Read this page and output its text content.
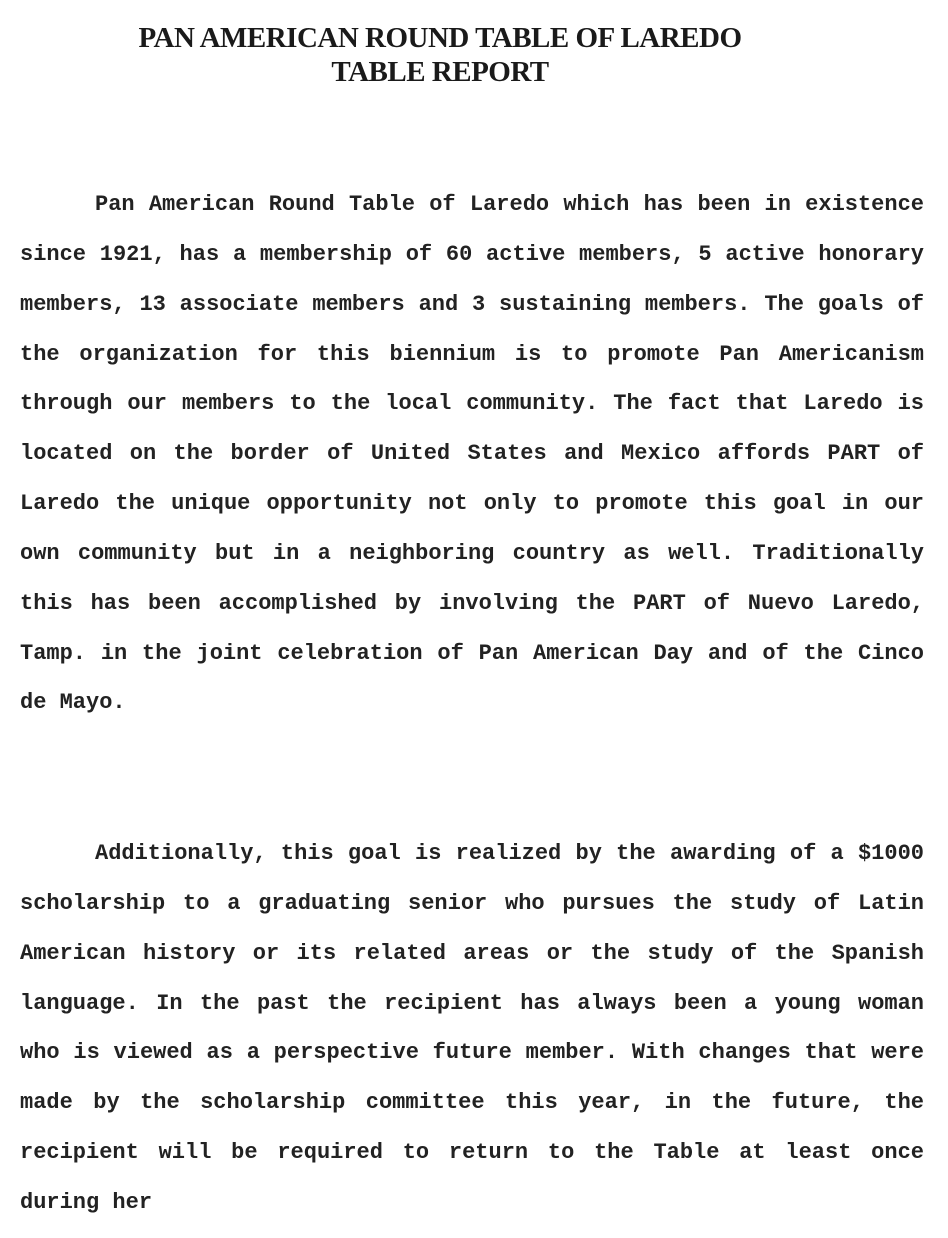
PAN AMERICAN ROUND TABLE OF LAREDO
TABLE REPORT

Pan American Round Table of Laredo which has been in existence since 1921, has a membership of 60 active members, 5 active honorary members, 13 associate members and 3 sustaining members. The goals of the organization for this biennium is to promote Pan Americanism through our members to the local community. The fact that Laredo is located on the border of United States and Mexico affords PART of Laredo the unique opportunity not only to promote this goal in our own community but in a neighboring country as well. Traditionally this has been accomplished by involving the PART of Nuevo Laredo, Tamp. in the joint celebration of Pan American Day and of the Cinco de Mayo.

Additionally, this goal is realized by the awarding of a $1000 scholarship to a graduating senior who pursues the study of Latin American history or its related areas or the study of the Spanish language. In the past the recipient has always been a young woman who is viewed as a perspective future member. With changes that were made by the scholarship committee this year, in the future, the recipient will be required to return to the Table at least once during her
